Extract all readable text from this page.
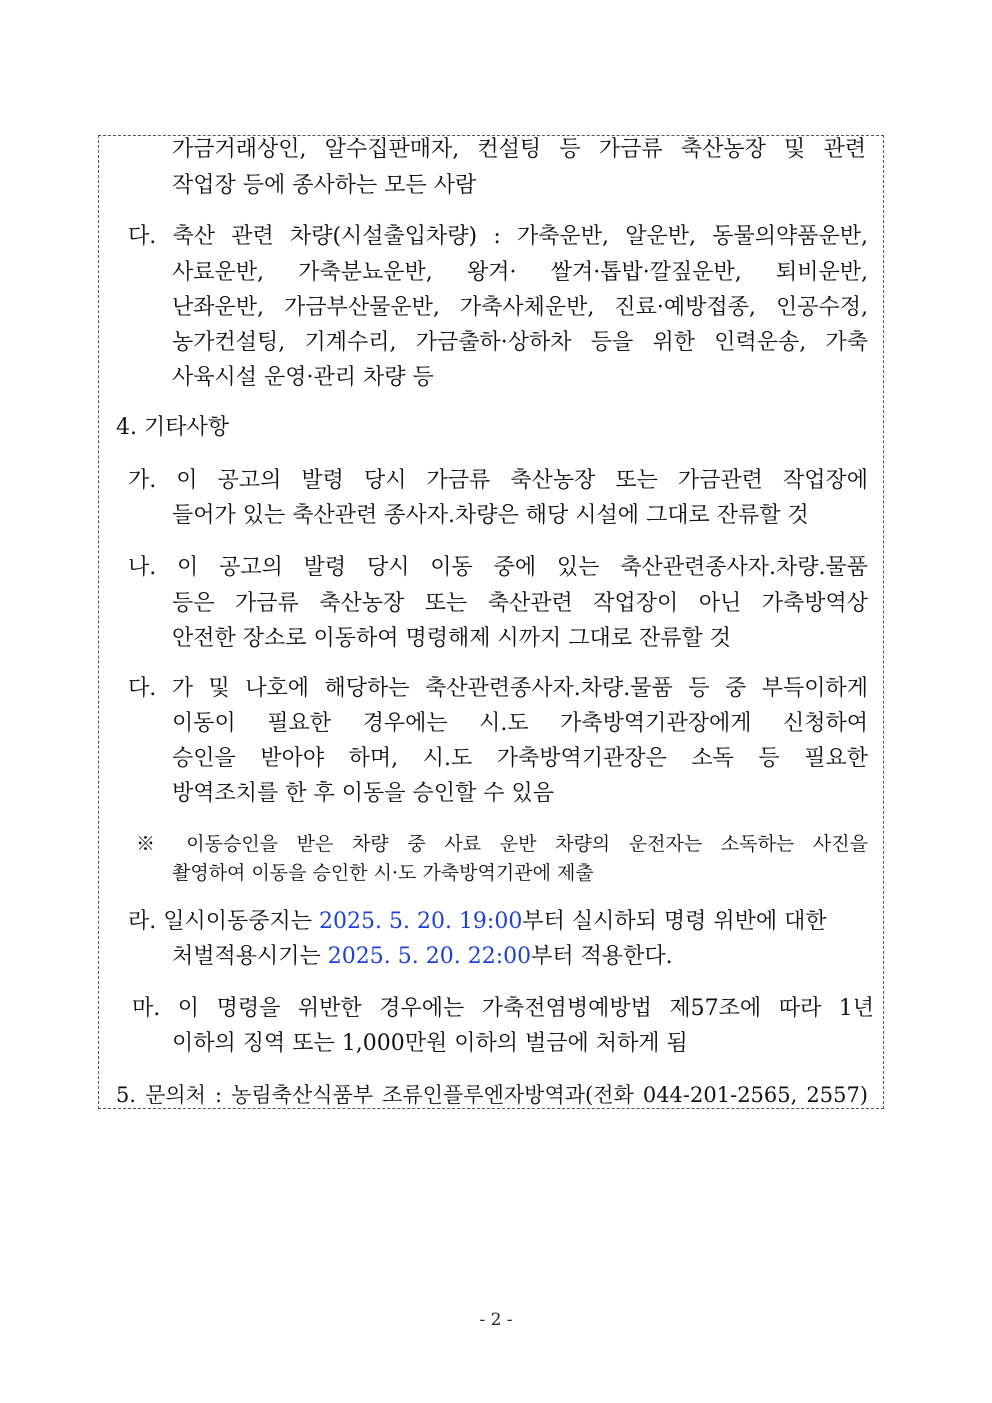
가금거래상인, 알수집판매자, 컨설팅 등 가금류 축산농장 및 관련
작업장 등에 종사하는 모든 사람
다. 축산 관련 차량(시설출입차량) : 가축운반, 알운반, 동물의약품운반,
사료운반, 가축분뇨운반, 왕겨· 쌀겨·톱밥·깔짚운반, 퇴비운반,
난좌운반, 가금부산물운반, 가축사체운반, 진료·예방접종, 인공수정,
농가컨설팅, 기계수리, 가금출하·상하차 등을 위한 인력운송, 가축
사육시설 운영·관리 차량 등
4. 기타사항
가. 이 공고의 발령 당시 가금류 축산농장 또는 가금관련 작업장에
들어가 있는 축산관련 종사자.차량은 해당 시설에 그대로 잔류할 것
나. 이 공고의 발령 당시 이동 중에 있는 축산관련종사자.차량.물품
등은 가금류 축산농장 또는 축산관련 작업장이 아닌 가축방역상
안전한 장소로 이동하여 명령해제 시까지 그대로 잔류할 것
다. 가 및 나호에 해당하는 축산관련종사자.차량.물품 등 중 부득이하게
이동이 필요한 경우에는 시.도 가축방역기관장에게 신청하여
승인을 받아야 하며, 시.도 가축방역기관장은 소독 등 필요한
방역조치를 한 후 이동을 승인할 수 있음
※ 이동승인을 받은 차량 중 사료 운반 차량의 운전자는 소독하는 사진을
촬영하여 이동을 승인한 시·도 가축방역기관에 제출
라. 일시이동중지는 2025. 5. 20. 19:00부터 실시하되 명령 위반에 대한
처벌적용시기는 2025. 5. 20. 22:00부터 적용한다.
마. 이 명령을 위반한 경우에는 가축전염병예방법 제57조에 따라 1년
이하의 징역 또는 1,000만원 이하의 벌금에 처하게 됨
5. 문의처 : 농림축산식품부 조류인플루엔자방역과(전화 044-201-2565, 2557)
- 2 -
